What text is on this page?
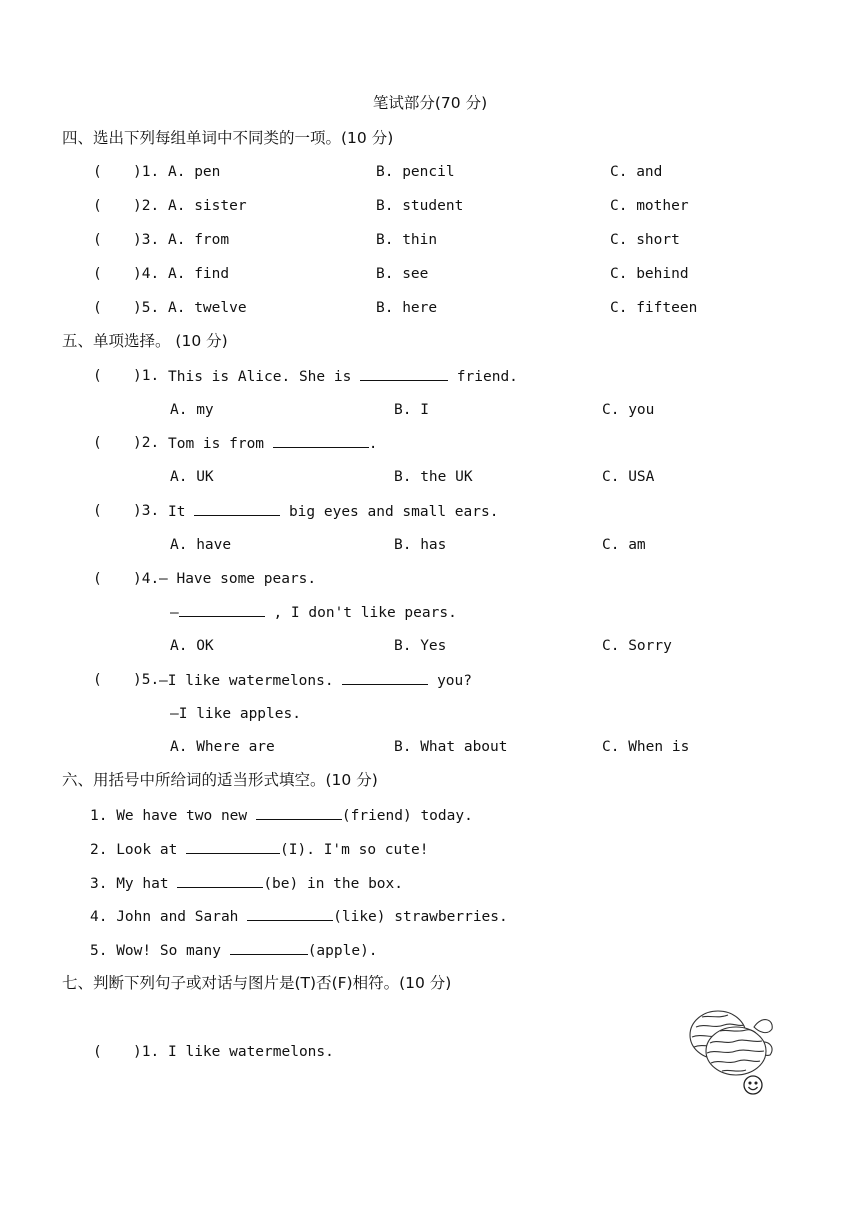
笔试部分(70 分)
四、选出下列每组单词中不同类的一项。(10 分)
( )1. A. pen	B. pencil	C. and
( )2. A. sister	B. student	C. mother
( )3. A. from	B. thin	C. short
( )4. A. find	B. see	C. behind
( )5. A. twelve	B. here	C. fifteen
五、单项选择。 (10 分)
( )1. This is Alice. She is	friend.
A. my	B. I	C. you
( )2. Tom is from	.
A. UK	B. the UK	C. USA
( )3. It	big eyes and small ears.
A. have	B. has	C. am
( )4. — Have some pears.
—	, I don't like pears.
A. OK	B. Yes	C. Sorry
( )5. —I like watermelons.	you?
—I like apples.
A. Where are	B. What about	C. When is
六、用括号中所给词的适当形式填空。(10 分)
1. We have two new	(friend) today.
2. Look at	(I). I'm so cute!
3. My hat	(be) in the box.
4. John and Sarah	(like) strawberries.
5. Wow! So many	(apple).
七、判断下列句子或对话与图片是(T)否(F)相符。(10 分)
( )1. I like watermelons.
